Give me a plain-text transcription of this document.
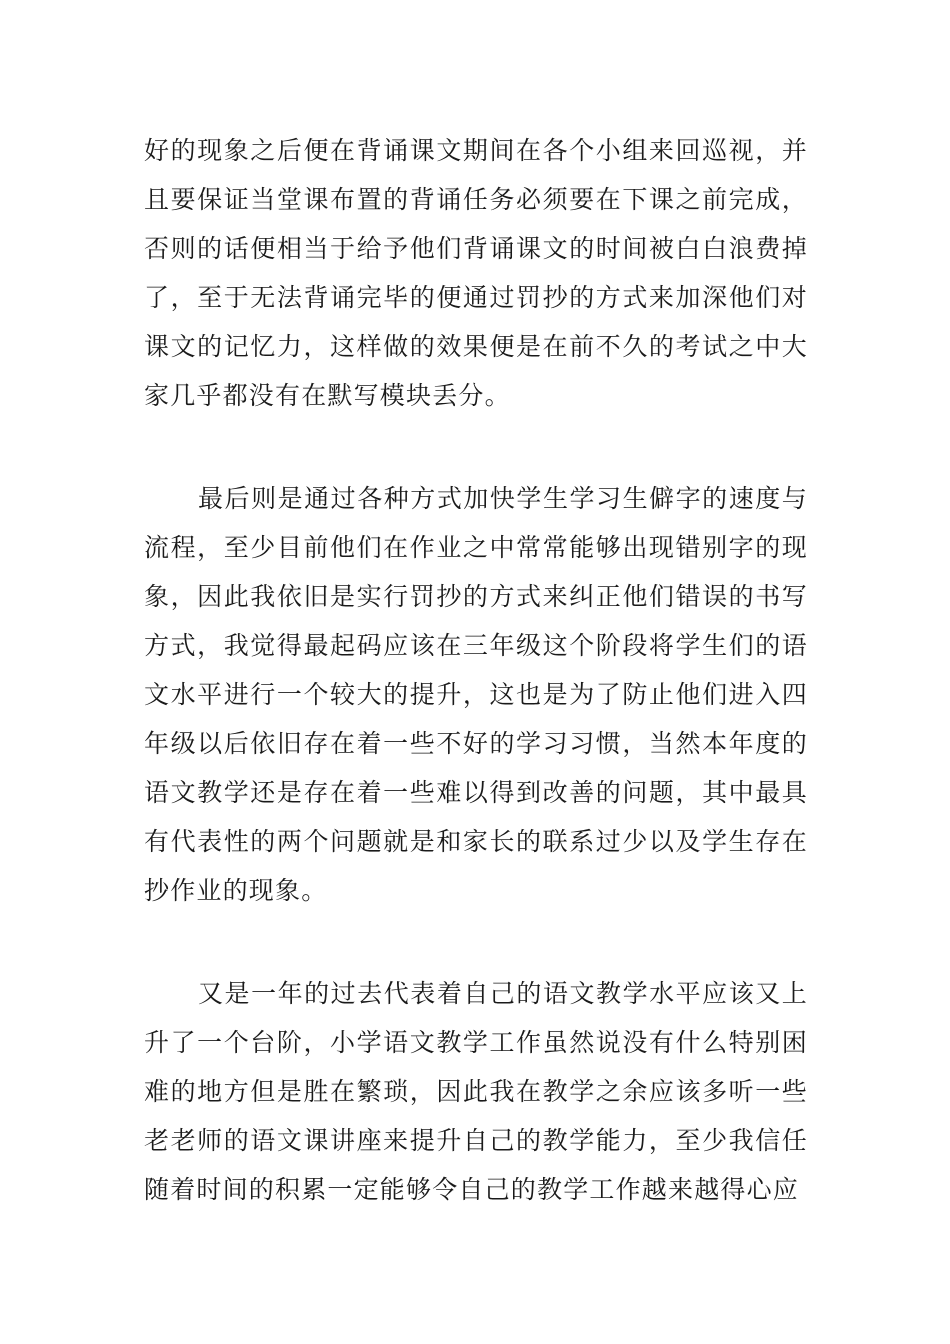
好的现象之后便在背诵课文期间在各个小组来回巡视，并且要保证当堂课布置的背诵任务必须要在下课之前完成，否则的话便相当于给予他们背诵课文的时间被白白浪费掉了，至于无法背诵完毕的便通过罚抄的方式来加深他们对课文的记忆力，这样做的效果便是在前不久的考试之中大家几乎都没有在默写模块丢分。

最后则是通过各种方式加快学生学习生僻字的速度与流程，至少目前他们在作业之中常常能够出现错别字的现象，因此我依旧是实行罚抄的方式来纠正他们错误的书写方式，我觉得最起码应该在三年级这个阶段将学生们的语文水平进行一个较大的提升，这也是为了防止他们进入四年级以后依旧存在着一些不好的学习习惯，当然本年度的语文教学还是存在着一些难以得到改善的问题，其中最具有代表性的两个问题就是和家长的联系过少以及学生存在抄作业的现象。

又是一年的过去代表着自己的语文教学水平应该又上升了一个台阶，小学语文教学工作虽然说没有什么特别困难的地方但是胜在繁琐，因此我在教学之余应该多听一些老老师的语文课讲座来提升自己的教学能力，至少我信任随着时间的积累一定能够令自己的教学工作越来越得心应
